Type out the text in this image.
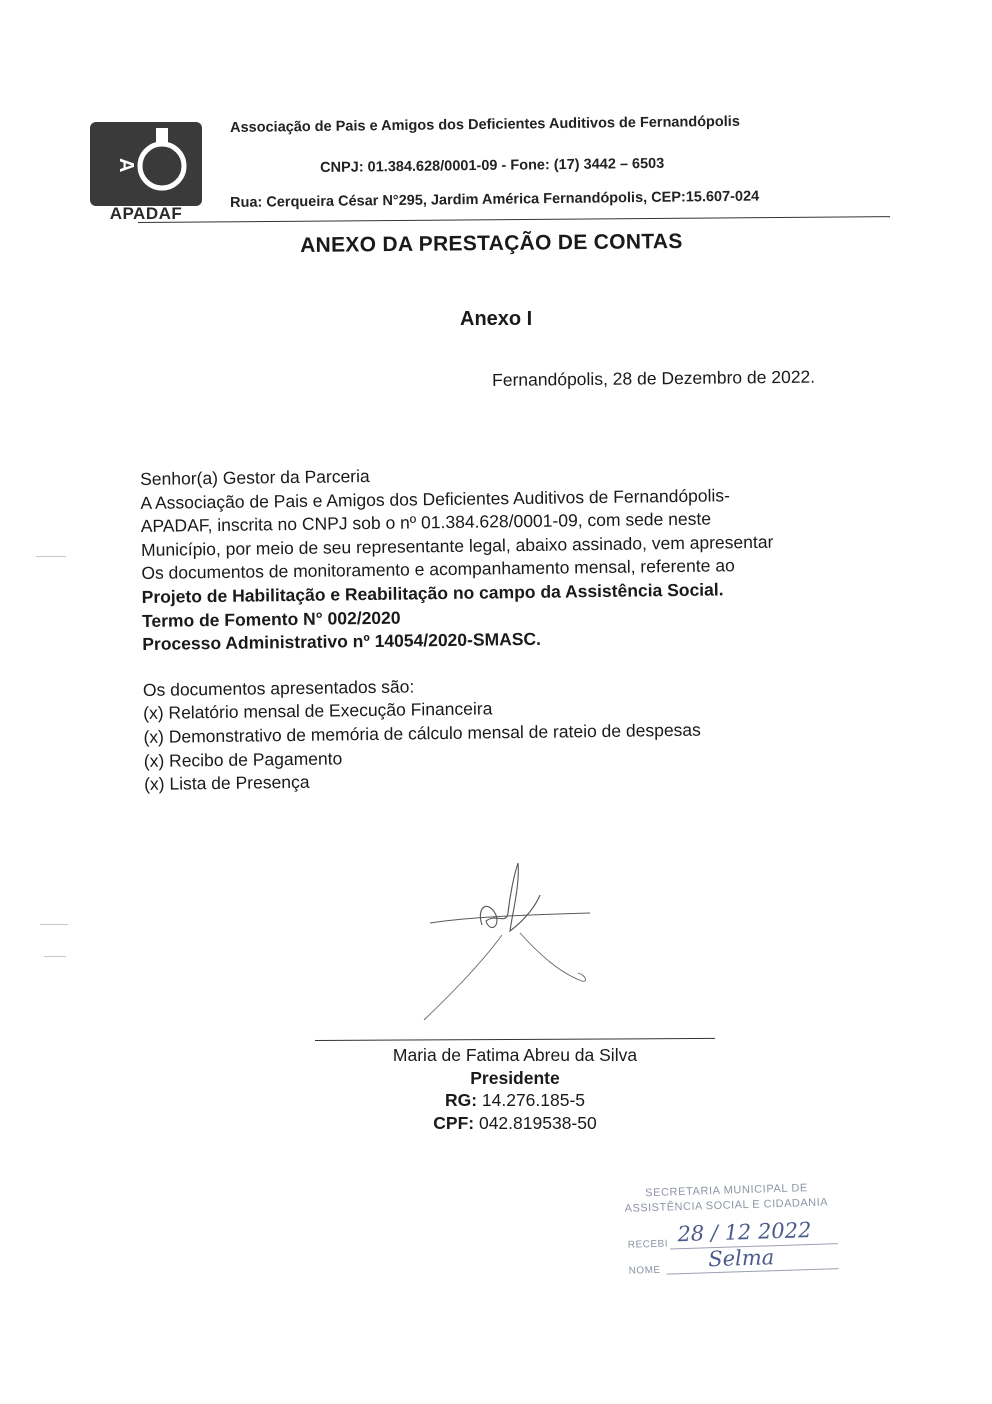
A
APADAF
Associação de Pais e Amigos dos Deficientes Auditivos de Fernandópolis
CNPJ: 01.384.628/0001-09 - Fone: (17) 3442 – 6503
Rua: Cerqueira César N°295, Jardim América Fernandópolis, CEP:15.607-024
ANEXO DA PRESTAÇÃO DE CONTAS
Anexo I
Fernandópolis, 28 de Dezembro de 2022.
Senhor(a) Gestor da Parceria
A Associação de Pais e Amigos dos Deficientes Auditivos de Fernandópolis-
APADAF, inscrita no CNPJ sob o nº 01.384.628/0001-09, com sede neste
Município, por meio de seu representante legal, abaixo assinado, vem apresentar
Os documentos de monitoramento e acompanhamento mensal, referente ao
Projeto de Habilitação e Reabilitação no campo da Assistência Social.
Termo de Fomento N° 002/2020
Processo Administrativo nº 14054/2020-SMASC.
Os documentos apresentados são:
(x) Relatório mensal de Execução Financeira
(x) Demonstrativo de memória de cálculo mensal de rateio de despesas
(x) Recibo de Pagamento
(x) Lista de Presença
Maria de Fatima Abreu da Silva
Presidente
RG: 14.276.185-5
CPF: 042.819538-50
SECRETARIA MUNICIPAL DE
ASSISTÊNCIA SOCIAL E CIDADANIA
RECEBI 28 / 12 2022
NOME Selma
